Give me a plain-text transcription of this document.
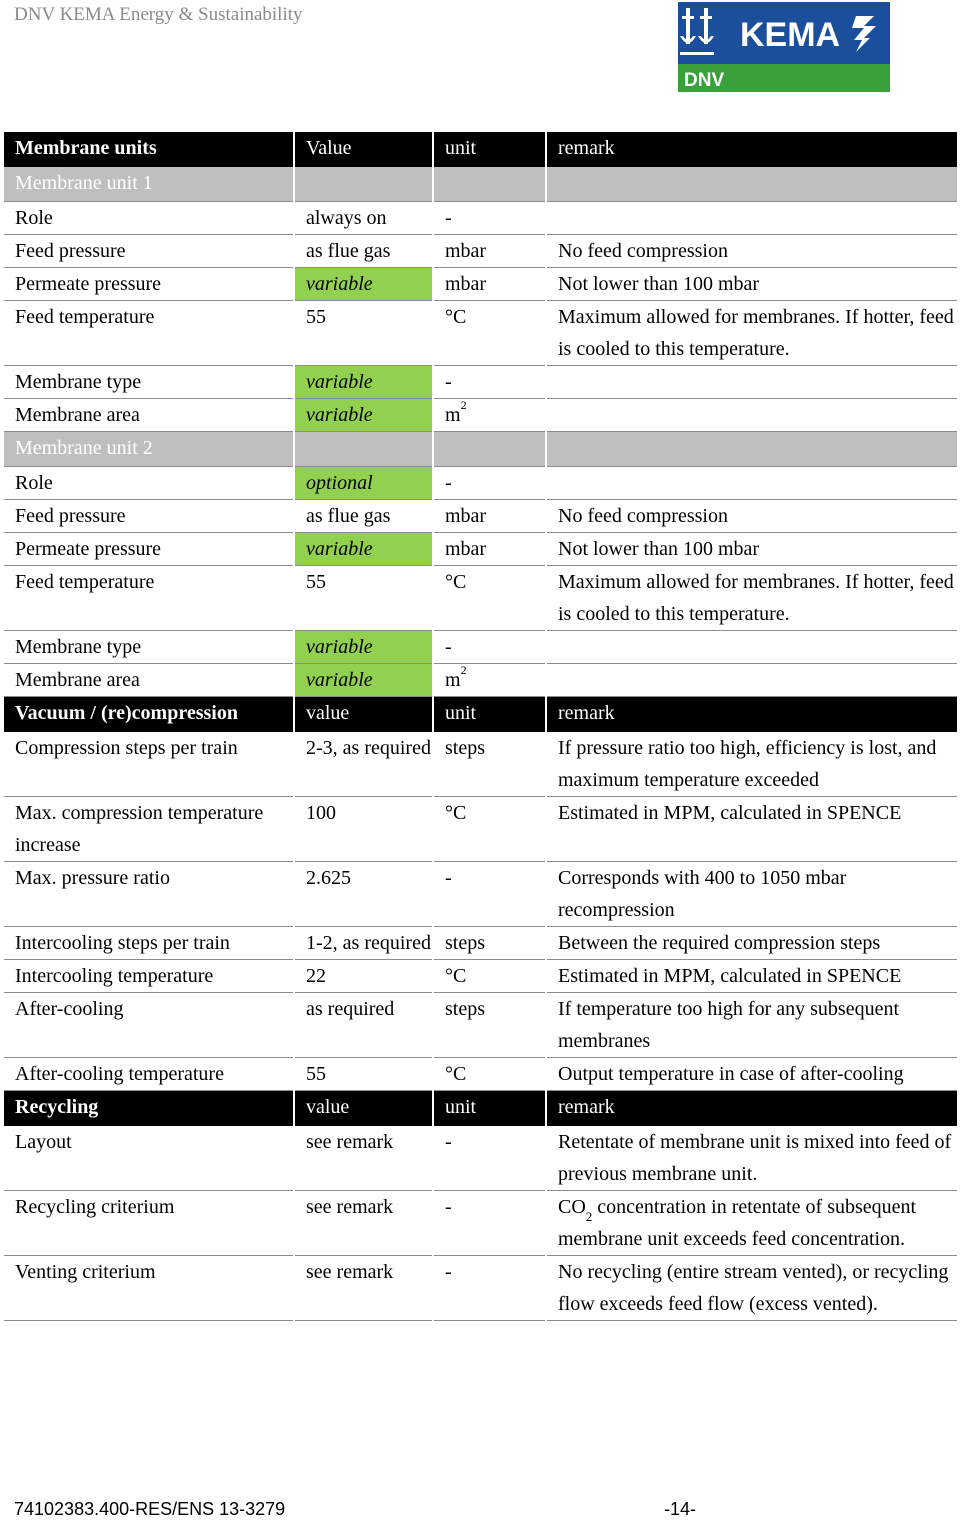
DNV KEMA Energy & Sustainability
KEMA
DNV
Membrane units	Value	unit	remark
Membrane unit 1			
Role	always on	-	
Feed pressure	as flue gas	mbar	No feed compression
Permeate pressure	variable	mbar	Not lower than 100 mbar
Feed temperature	55	°C	Maximum allowed for membranes. If hotter, feed is cooled to this temperature.
Membrane type	variable	-	
Membrane area	variable	$m^2$	
Membrane unit 2			
Role	optional	-	
Feed pressure	as flue gas	mbar	No feed compression
Permeate pressure	variable	mbar	Not lower than 100 mbar
Feed temperature	55	°C	Maximum allowed for membranes. If hotter, feed is cooled to this temperature.
Membrane type	variable	-	
Membrane area	variable	$m^2$	
Vacuum / (re)compression	value	unit	remark
Compression steps per train	2-3, as required	steps	If pressure ratio too high, efficiency is lost, and maximum temperature exceeded
Max. compression temperature increase	100	°C	Estimated in MPM, calculated in SPENCE
Max. pressure ratio	2.625	-	Corresponds with 400 to 1050 mbar recompression
Intercooling steps per train	1-2, as required	steps	Between the required compression steps
Intercooling temperature	22	°C	Estimated in MPM, calculated in SPENCE
After-cooling	as required	steps	If temperature too high for any subsequent membranes
After-cooling temperature	55	°C	Output temperature in case of after-cooling
Recycling	value	unit	remark
Layout	see remark	-	Retentate of membrane unit is mixed into feed of previous membrane unit.
Recycling criterium	see remark	-	$CO_2$ concentration in retentate of subsequent membrane unit exceeds feed concentration.
Venting criterium	see remark	-	No recycling (entire stream vented), or recycling flow exceeds feed flow (excess vented).
74102383.400-RES/ENS 13-3279	-14-
